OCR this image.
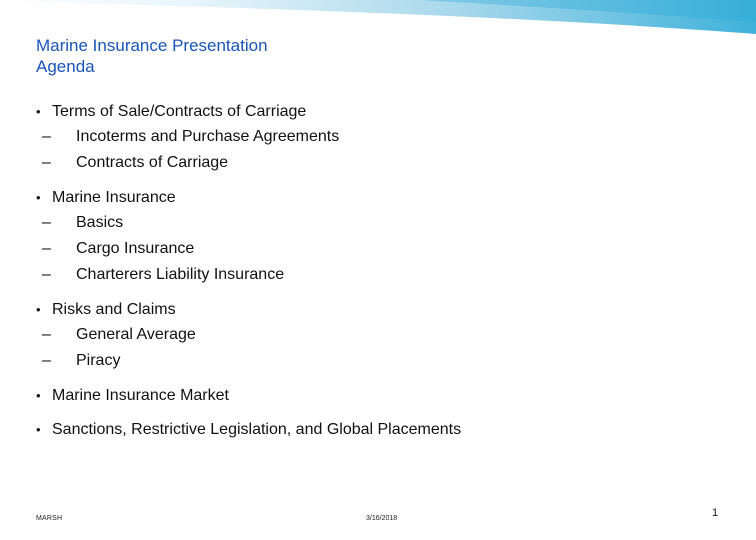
Marine Insurance Presentation
Agenda
• Terms of Sale/Contracts of Carriage
–	Incoterms and Purchase Agreements
–	Contracts of Carriage
• Marine Insurance
–	Basics
–	Cargo Insurance
–	Charterers Liability Insurance
• Risks and Claims
–	General Average
–	Piracy
• Marine Insurance Market
• Sanctions, Restrictive Legislation, and Global Placements
MARSH	3/16/2018	1
